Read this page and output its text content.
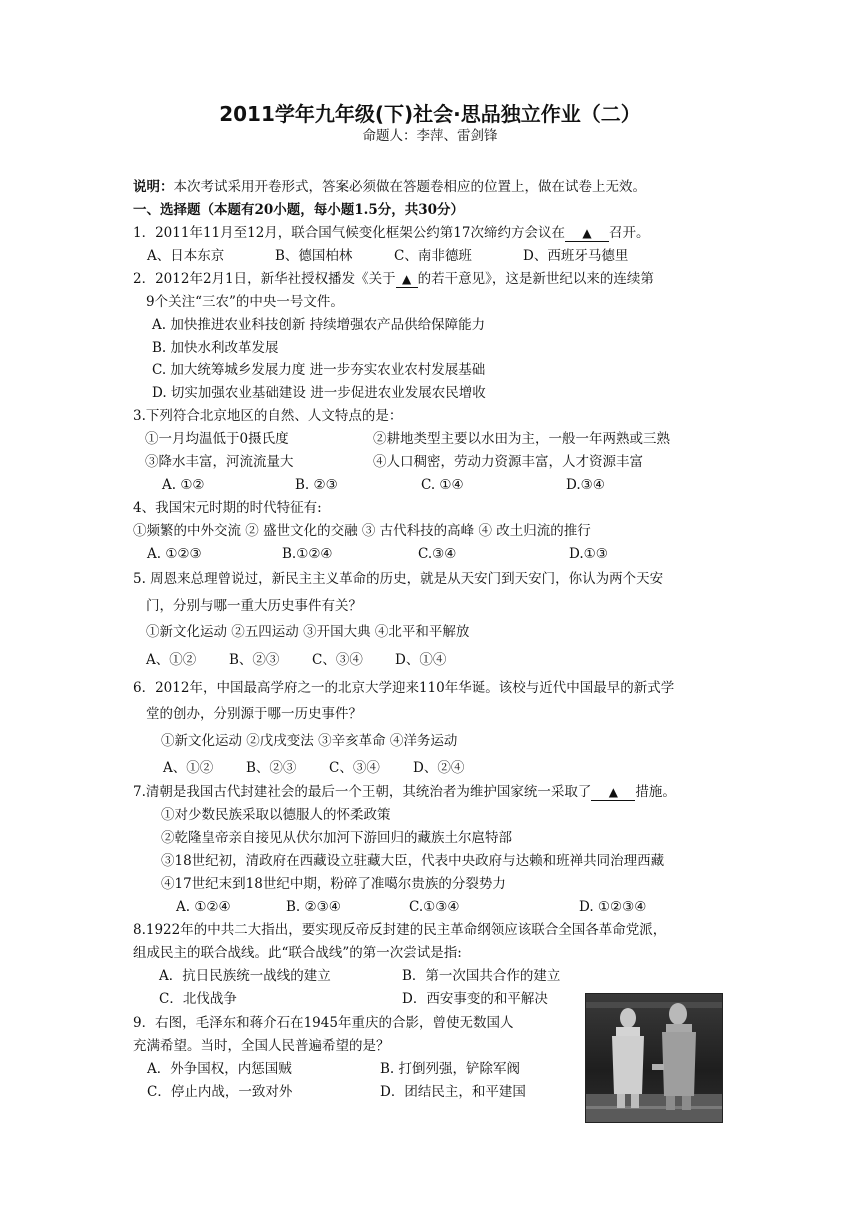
2011学年九年级(下)社会·思品独立作业（二）
命题人：李萍、雷剑锋
说明：本次考试采用开卷形式，答案必须做在答题卷相应的位置上，做在试卷上无效。
一、选择题（本题有20小题，每小题1.5分，共30分）
1．2011年11月至12月，联合国气候变化框架公约第17次缔约方会议在 ▲ 召开。
A、日本东京	B、德国柏林	C、南非德班	D、西班牙马德里
2．2012年2月1日，新华社授权播发《关于 ▲ 的若干意见》，这是新世纪以来的连续第
9个关注“三农”的中央一号文件。
A. 加快推进农业科技创新 持续增强农产品供给保障能力
B. 加快水利改革发展
C. 加大统筹城乡发展力度 进一步夯实农业农村发展基础
D. 切实加强农业基础建设 进一步促进农业发展农民增收
3.下列符合北京地区的自然、人文特点的是：
①一月均温低于0摄氏度	②耕地类型主要以水田为主，一般一年两熟或三熟
③降水丰富，河流流量大	④人口稠密，劳动力资源丰富，人才资源丰富
A. ①②	B. ②③	C. ①④	D.③④
4、我国宋元时期的时代特征有:
①频繁的中外交流 ② 盛世文化的交融 ③ 古代科技的高峰 ④ 改土归流的推行
A. ①②③	B.①②④	C.③④	D.①③
5. 周恩来总理曾说过，新民主主义革命的历史，就是从天安门到天安门，你认为两个天安
门，分别与哪一重大历史事件有关？
①新文化运动 ②五四运动 ③开国大典 ④北平和平解放
A、①② B、②③ C、③④ D、①④
6．2012年，中国最高学府之一的北京大学迎来110年华诞。该校与近代中国最早的新式学
堂的创办，分别源于哪一历史事件？
①新文化运动 ②戊戌变法 ③辛亥革命 ④洋务运动
A、①② B、②③ C、③④ D、②④
7.清朝是我国古代封建社会的最后一个王朝，其统治者为维护国家统一采取了 ▲ 措施。
①对少数民族采取以德服人的怀柔政策
②乾隆皇帝亲自接见从伏尔加河下游回归的藏族土尔扈特部
③18世纪初，清政府在西藏设立驻藏大臣，代表中央政府与达赖和班禅共同治理西藏
④17世纪末到18世纪中期，粉碎了准噶尔贵族的分裂势力
A. ①②④	B. ②③④	C.①③④	D. ①②③④
8.1922年的中共二大指出，要实现反帝反封建的民主革命纲领应该联合全国各革命党派，
组成民主的联合战线。此“联合战线”的第一次尝试是指:
A．抗日民族统一战线的建立	B．第一次国共合作的建立
C．北伐战争	D．西安事变的和平解决
9．右图，毛泽东和蒋介石在1945年重庆的合影，曾使无数国人
充满希望。当时，全国人民普遍希望的是？
A．外争国权，内惩国贼	B. 打倒列强，铲除军阀
C．停止内战，一致对外	D．团结民主，和平建国
